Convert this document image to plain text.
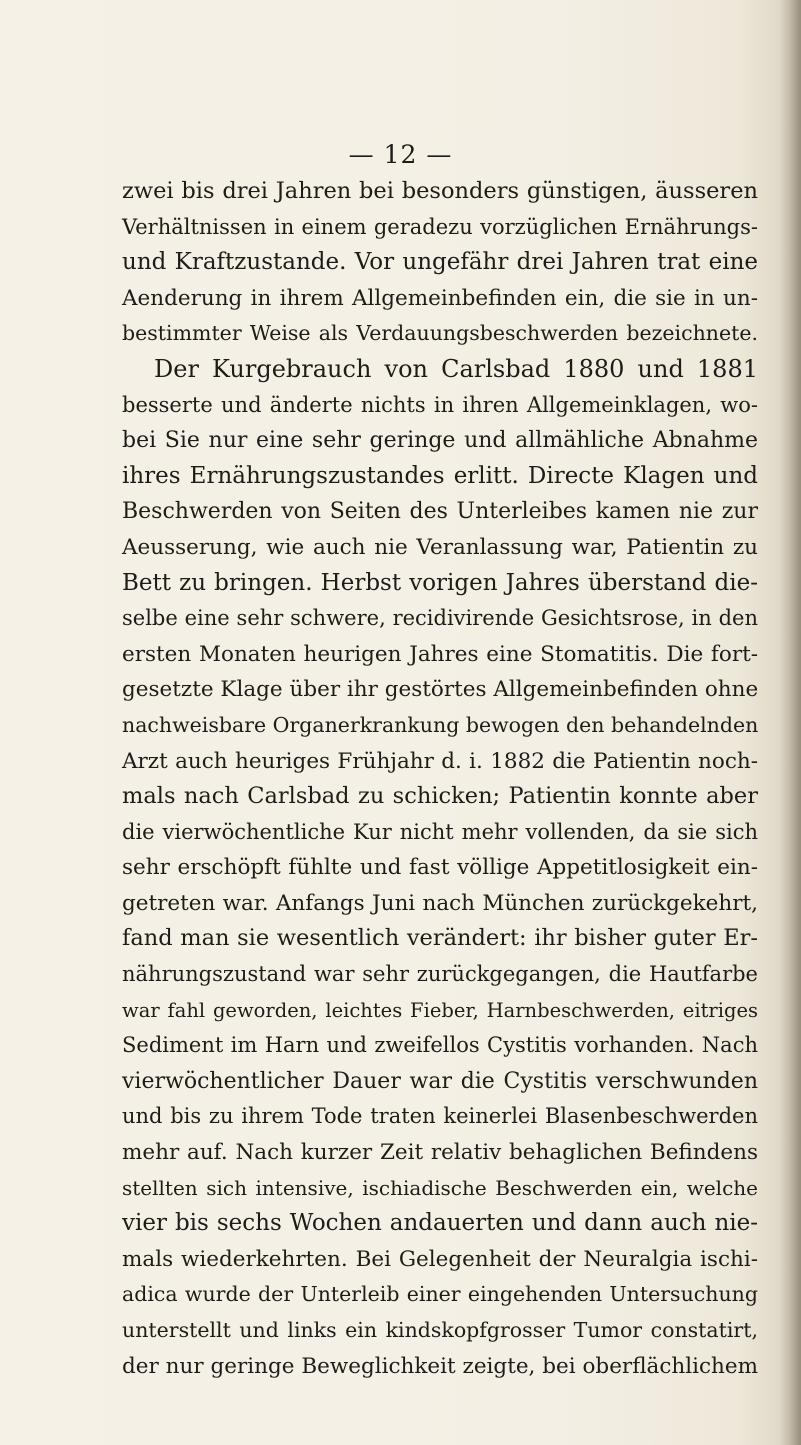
— 12 —
zwei bis drei Jahren bei besonders günstigen, äusseren
Verhältnissen in einem geradezu vorzüglichen Ernährungs-
und Kraftzustande. Vor ungefähr drei Jahren trat eine
Aenderung in ihrem Allgemeinbefinden ein, die sie in un-
bestimmter Weise als Verdauungsbeschwerden bezeichnete.
Der Kurgebrauch von Carlsbad 1880 und 1881
besserte und änderte nichts in ihren Allgemeinklagen, wo-
bei Sie nur eine sehr geringe und allmähliche Abnahme
ihres Ernährungszustandes erlitt. Directe Klagen und
Beschwerden von Seiten des Unterleibes kamen nie zur
Aeusserung, wie auch nie Veranlassung war, Patientin zu
Bett zu bringen. Herbst vorigen Jahres überstand die-
selbe eine sehr schwere, recidivirende Gesichtsrose, in den
ersten Monaten heurigen Jahres eine Stomatitis. Die fort-
gesetzte Klage über ihr gestörtes Allgemeinbefinden ohne
nachweisbare Organerkrankung bewogen den behandelnden
Arzt auch heuriges Frühjahr d. i. 1882 die Patientin noch-
mals nach Carlsbad zu schicken; Patientin konnte aber
die vierwöchentliche Kur nicht mehr vollenden, da sie sich
sehr erschöpft fühlte und fast völlige Appetitlosigkeit ein-
getreten war. Anfangs Juni nach München zurückgekehrt,
fand man sie wesentlich verändert: ihr bisher guter Er-
nährungszustand war sehr zurückgegangen, die Hautfarbe
war fahl geworden, leichtes Fieber, Harnbeschwerden, eitriges
Sediment im Harn und zweifellos Cystitis vorhanden. Nach
vierwöchentlicher Dauer war die Cystitis verschwunden
und bis zu ihrem Tode traten keinerlei Blasenbeschwerden
mehr auf. Nach kurzer Zeit relativ behaglichen Befindens
stellten sich intensive, ischiadische Beschwerden ein, welche
vier bis sechs Wochen andauerten und dann auch nie-
mals wiederkehrten. Bei Gelegenheit der Neuralgia ischi-
adica wurde der Unterleib einer eingehenden Untersuchung
unterstellt und links ein kindskopfgrosser Tumor constatirt,
der nur geringe Beweglichkeit zeigte, bei oberflächlichem
